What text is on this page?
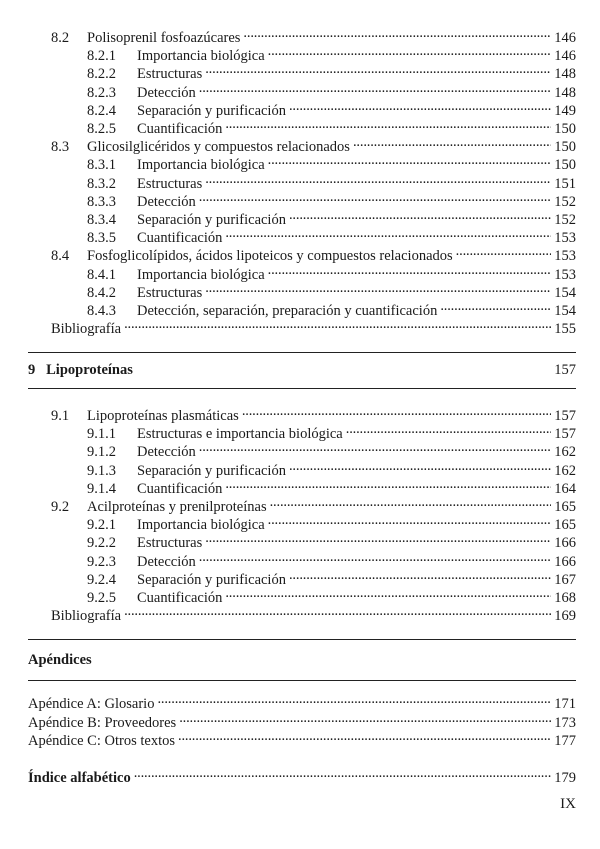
8.2	Polisoprenil fosfoazúcares . . .	146
8.2.1	Importancia biológica . . .	146
8.2.2	Estructuras . . .	148
8.2.3	Detección . . .	148
8.2.4	Separación y purificación . . .	149
8.2.5	Cuantificación . . .	150
8.3	Glicosilglicéridos y compuestos relacionados . . .	150
8.3.1	Importancia biológica . . .	150
8.3.2	Estructuras . . .	151
8.3.3	Detección . . .	152
8.3.4	Separación y purificación . . .	152
8.3.5	Cuantificación . . .	153
8.4	Fosfoglicolípidos, ácidos lipoteicos y compuestos relacionados . . .	153
8.4.1	Importancia biológica . . .	153
8.4.2	Estructuras . . .	154
8.4.3	Detección, separación, preparación y cuantificación . . .	154
Bibliografía . . .	155
9 Lipoproteínas	157
9.1	Lipoproteínas plasmáticas . . .	157
9.1.1	Estructuras e importancia biológica . . .	157
9.1.2	Detección . . .	162
9.1.3	Separación y purificación . . .	162
9.1.4	Cuantificación . . .	164
9.2	Acilproteínas y prenilproteínas . . .	165
9.2.1	Importancia biológica . . .	165
9.2.2	Estructuras . . .	166
9.2.3	Detección . . .	166
9.2.4	Separación y purificación . . .	167
9.2.5	Cuantificación . . .	168
Bibliografía . . .	169
Apéndices
Apéndice A: Glosario . . .	171
Apéndice B: Proveedores . . .	173
Apéndice C: Otros textos . . .	177
Índice alfabético . . .	179
IX
